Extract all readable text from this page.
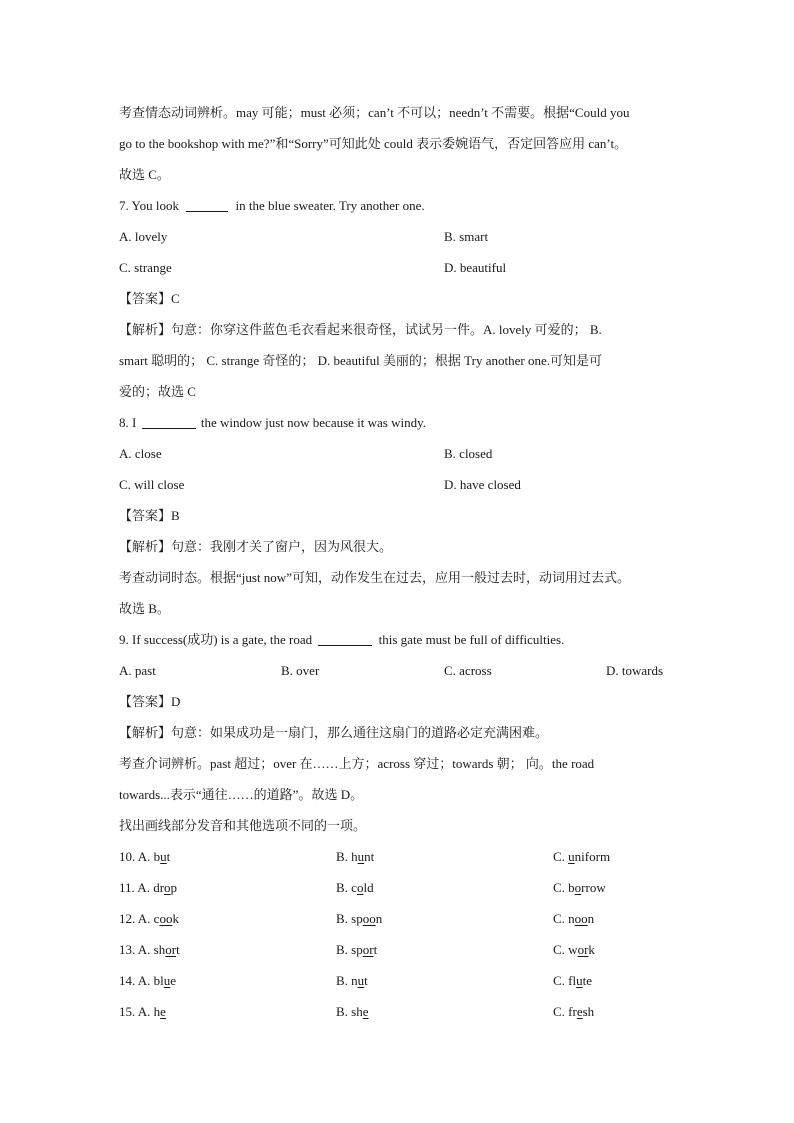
考查情态动词辨析。may 可能；must 必须；can’t 不可以；needn’t 不需要。根据“Could you
go to the bookshop with me?”和“Sorry”可知此处 could 表示委婉语气，否定回答应用 can’t。
故选 C。
7. You look	in the blue sweater. Try another one.
A. lovely	B. smart
C. strange	D. beautiful
【答案】C
【解析】句意：你穿这件蓝色毛衣看起来很奇怪，试试另一件。A. lovely 可爱的； B.
smart 聪明的； C. strange 奇怪的； D. beautiful 美丽的；根据 Try another one.可知是可
爱的；故选 C
8. I	the window just now because it was windy.
A. close	B. closed
C. will close	D. have closed
【答案】B
【解析】句意：我刚才关了窗户，因为风很大。
考查动词时态。根据“just now”可知，动作发生在过去，应用一般过去时，动词用过去式。
故选 B。
9. If success(成功) is a gate, the road	this gate must be full of difficulties.
A. past	B. over	C. across	D. towards
【答案】D
【解析】句意：如果成功是一扇门，那么通往这扇门的道路必定充满困难。
考查介词辨析。past 超过；over 在……上方；across 穿过；towards 朝； 向。the road
towards...表示“通往……的道路”。故选 D。
找出画线部分发音和其他选项不同的一项。
10. A. but	B. hunt	C. uniform
11. A. drop	B. cold	C. borrow
12. A. cook	B. spoon	C. noon
13. A. short	B. sport	C. work
14. A. blue	B. nut	C. flute
15. A. he	B. she	C. fresh
